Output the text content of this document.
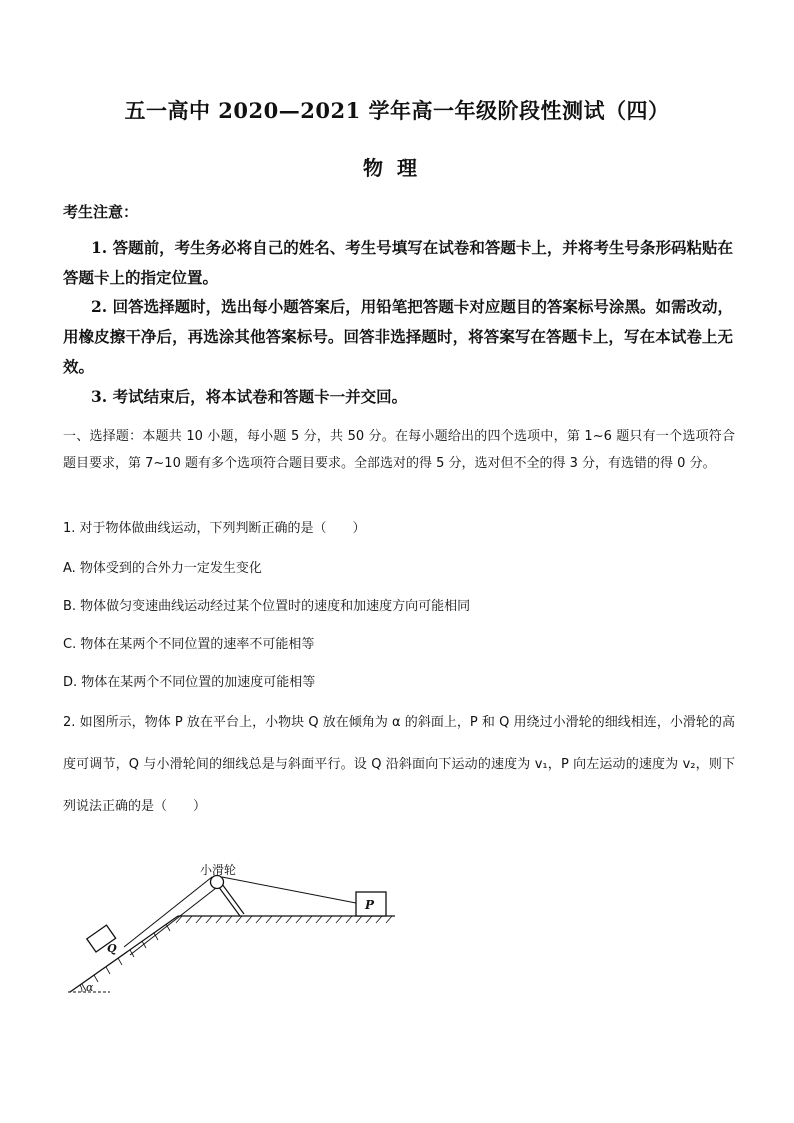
五一高中 2020—2021 学年高一年级阶段性测试（四）
物理
考生注意：
1. 答题前，考生务必将自己的姓名、考生号填写在试卷和答题卡上，并将考生号条形码粘贴在答题卡上的指定位置。
2. 回答选择题时，选出每小题答案后，用铅笔把答题卡对应题目的答案标号涂黑。如需改动，用橡皮擦干净后，再选涂其他答案标号。回答非选择题时，将答案写在答题卡上，写在本试卷上无效。
3. 考试结束后，将本试卷和答题卡一并交回。
一、选择题：本题共 10 小题，每小题 5 分，共 50 分。在每小题给出的四个选项中，第 1~6 题只有一个选项符合题目要求，第 7~10 题有多个选项符合题目要求。全部选对的得 5 分，选对但不全的得 3 分，有选错的得 0 分。
1. 对于物体做曲线运动，下列判断正确的是（　　）
A. 物体受到的合外力一定发生变化
B. 物体做匀变速曲线运动经过某个位置时的速度和加速度方向可能相同
C. 物体在某两个不同位置的速率不可能相等
D. 物体在某两个不同位置的加速度可能相等
2. 如图所示，物体 P 放在平台上，小物块 Q 放在倾角为 α 的斜面上，P 和 Q 用绕过小滑轮的细线相连，小滑轮的高度可调节，Q 与小滑轮间的细线总是与斜面平行。设 Q 沿斜面向下运动的速度为 v₁，P 向左运动的速度为 v₂，则下列说法正确的是（　　）
小滑轮
P
Q
α
